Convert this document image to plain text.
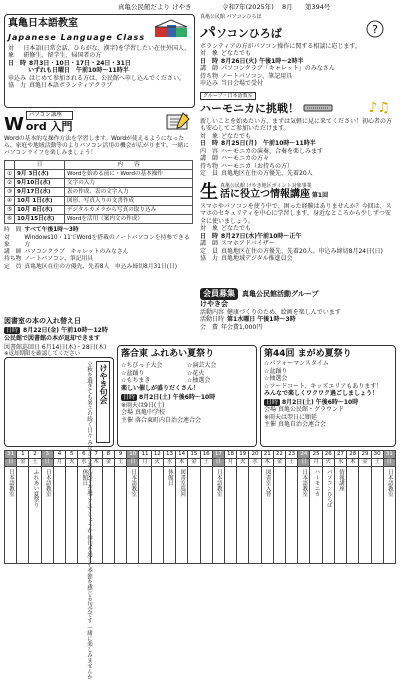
真亀公民館だより けやき	令和7年(2025年) 8月 第394号
真亀日本語教室
Japanese Language Class
対　象
日本語(日常会話、ひらがな、漢字)を学習したい在住外国人、研修生、留学生、帰国者の方
日　時 8月3日・10日・17日・24日・31日
いずれも日曜日　午前10時～11時半
申込み はじめて参加される方は、公民館へ申し込んでください。
協　力 真亀日本語ボランティアクラブ
W パソコン講座
ord 入門
Wordの基本的な操作方法を学習します。Wordが使えるようになったら、家庭や地域活動等のよりパソコン活用の機会が広がります。一緒にパソコンライフを楽しみましょう！
	日	内　　容
①	9月 3日(水)	Wordを始める前に・Wordの基本操作
②	9月10日(水)	文字の入力
③	9月17日(水)	表の作成、表の文字入力
④	10月 1日(水)	図形、写真入りの文書作成
⑤	10月 8日(水)	デジタルカメラから写真の取り込み
⑥	10月15日(水)	Wordを活用（案内文の作成）
時　間 すべて午後1時～3時
対　象
Windows10・11でWordを搭載のノートパソコンを持参できる方
講　師 パソコンクラブ　キャレットのみなさん
持ち物 ノートパソコン、筆記用具
定　員 真亀地区在住の方優先、先着8人　申込み締切8月31日(日)
図書室の本の入れ替え日
日時 8月22日(金) 午前10時～12時
公民館で図書館の本が返却できます
図書館巡回日 6月14日(木)・28日(木)
※返却期限を確認してください
けやき句会
立秋を過ぎても暑さの続く日々 みなさまお元気でお過ごしでしょうか 俳句を通して季節を感じる句会です 一緒に楽しみませんか
落合東 ふれあい夏祭り
☆ちびっ子大会	☆演芸大会
☆盆踊り	☆花火
☆もちまき	☆抽選会
楽しい催しが盛りだくさん！
日時 8月2日(土) 午後6時～10時
※雨天は9日(土)
会場 真亀中学校
主催 落合東町内自治会連合会
真亀公民館 パソコンひろば
パ ソコンひろば	?
ボランティアの方がパソコン操作に関する相談に応じます。
対　象 どなたでも
日　時 8月26日(火) 午後1時～2時半
講　師 パソコンクラブ「キャレット」のみなさん
持ち物 ノートパソコン、筆記用具
申込み 当日会場で受付
グループ・日本語教室
ハーモニカに挑戦！	♪♫
新しいことを始めたい方、まずは気軽に見に来てください！初心者の方も安心してご参加いただけます。
対　象 どなたでも
日　時 8月25日(月)　午前10時～11時半
内　容 ハーモニカの演奏、合奏を楽しみます
講　師 ハーモニカの方々
持ち物 ハーモニカ（お持ちの方）
定　員 真亀地区在住の方優先、先着20人
生 真亀公民館 けやき地区ポイント対象事業
活に役立つ情報講座 第1回
スマホやパソコンを使う中で、困った経験はありませんか？今回は、スマホのセキュリティを中心に学習します。身近なところから少しずつ安全に使いましょう。
対　象 どなたでも
日　時 8月27日(水)午前10時～正午
講　師 スマホアドバイザー
定　員 真亀地区在住の方優先、先着20人。申込み締切8月24日(日)
協　力 真亀地域デジタル推進員会
会員募集	真亀公民館活動グループ
けやき会
活動内容 健康づくりのため、絵画を楽しんでいます
活動日時 第1水曜日 午後1時～3時
会　費 年会費1,000円
第44回 まがめ夏祭り
☆パフォーマンスタイム
☆盆踊り
☆抽選会
☆フードコート、キッズエリアもあります！
みんなで楽しくワクワク過ごしましょう！
日時 8月2日(土) 午後6時～10時
会場 真亀公民館・グラウンド
※雨天は翌日に順延
主催 真亀自治会連合会
31	1	2	3	4	5	6	7	8	9	10	11	12	13	14	15	16	17	18	19	20	21	22	23	24	25	26	27	28	29	30	31
日	金	土	日	月	火	水	木	金	土	日	月	火	水	木	金	土	日	月	火	水	木	金	土	日	月	火	水	木	金	土	日

日本語教室		ふれあい夏祭り	日本語教室			休館日				日本語教室			休館日	図書室巡回			日本語教室				図書室入替			日本語教室	ハーモニカ	パソコンひろば	情報講座				日本語教室
